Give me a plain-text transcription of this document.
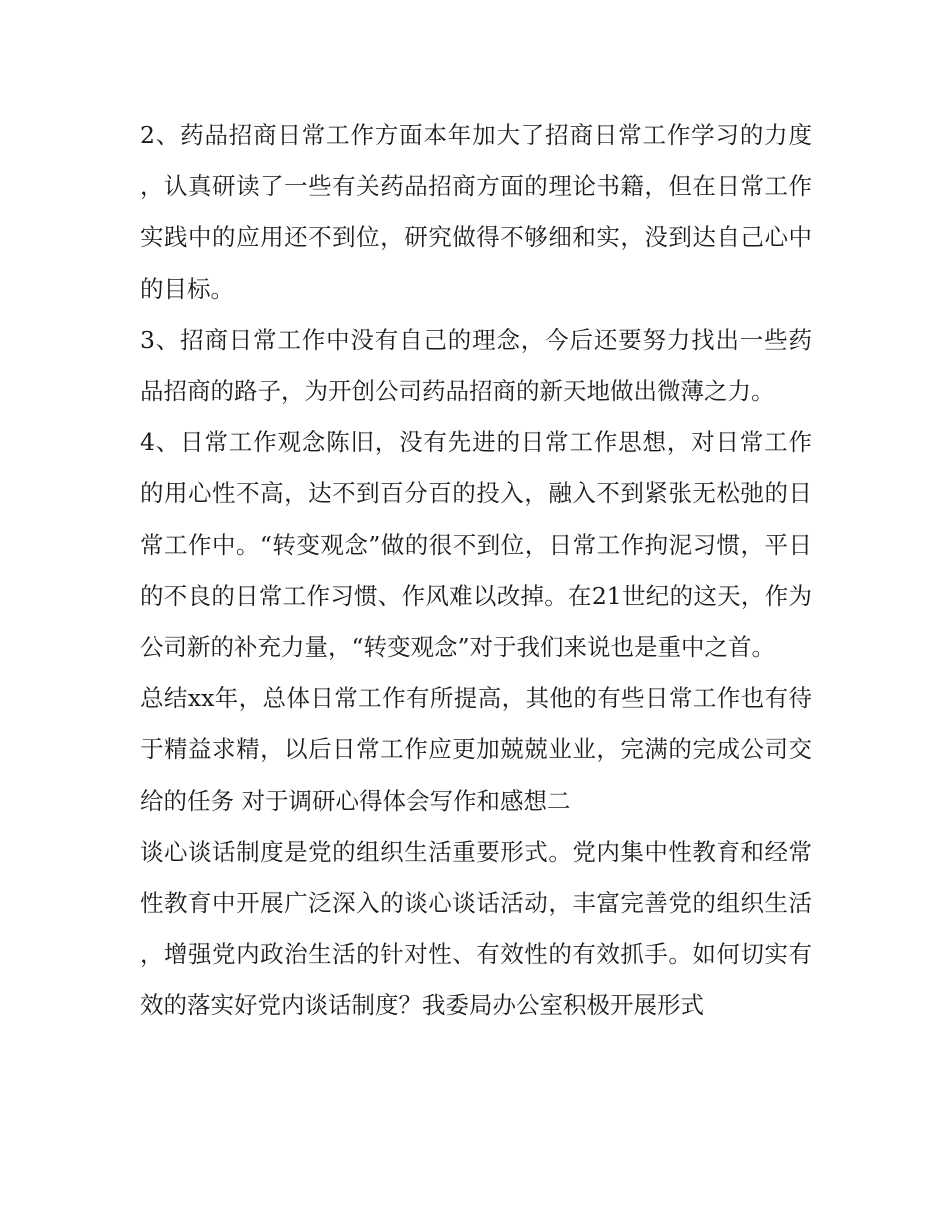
2、药品招商日常工作方面本年加大了招商日常工作学习的力度，认真研读了一些有关药品招商方面的理论书籍，但在日常工作实践中的应用还不到位，研究做得不够细和实，没到达自己心中的目标。

3、招商日常工作中没有自己的理念，今后还要努力找出一些药品招商的路子，为开创公司药品招商的新天地做出微薄之力。

4、日常工作观念陈旧，没有先进的日常工作思想，对日常工作的用心性不高，达不到百分百的投入，融入不到紧张无松弛的日常工作中。“转变观念”做的很不到位，日常工作拘泥习惯，平日的不良的日常工作习惯、作风难以改掉。在21世纪的这天，作为公司新的补充力量，“转变观念”对于我们来说也是重中之首。

总结xx年，总体日常工作有所提高，其他的有些日常工作也有待于精益求精，以后日常工作应更加兢兢业业，完满的完成公司交给的任务 对于调研心得体会写作和感想二

谈心谈话制度是党的组织生活重要形式。党内集中性教育和经常性教育中开展广泛深入的谈心谈话活动，丰富完善党的组织生活，增强党内政治生活的针对性、有效性的有效抓手。如何切实有效的落实好党内谈话制度？我委局办公室积极开展形式
